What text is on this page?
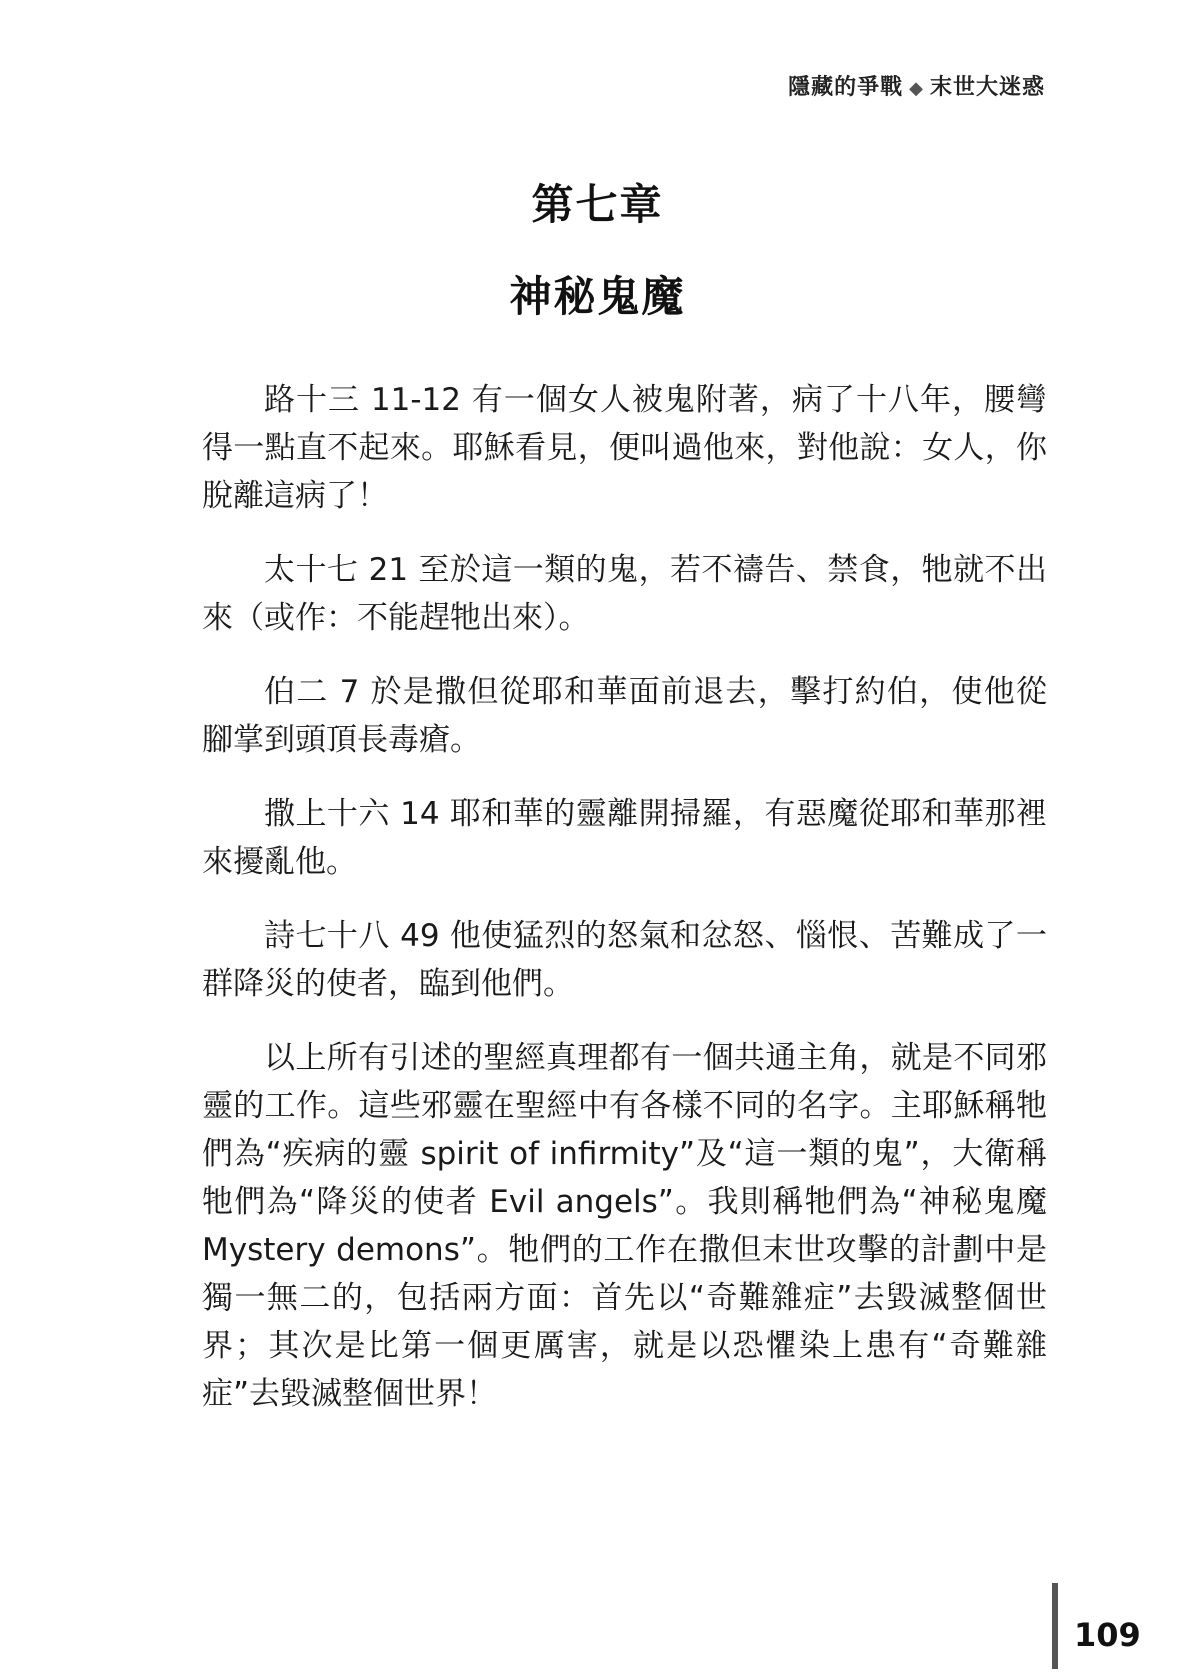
隱藏的爭戰 ◆ 末世大迷惑
第七章
神秘鬼魔

路十三 11-12 有一個女人被鬼附著，病了十八年，腰彎得一點直不起來。耶穌看見，便叫過他來，對他說：女人，你脫離這病了！

太十七 21 至於這一類的鬼，若不禱告、禁食，牠就不出來（或作：不能趕牠出來）。

伯二 7 於是撒但從耶和華面前退去，擊打約伯，使他從腳掌到頭頂長毒瘡。

撒上十六 14 耶和華的靈離開掃羅，有惡魔從耶和華那裡來擾亂他。

詩七十八 49 他使猛烈的怒氣和忿怒、惱恨、苦難成了一群降災的使者，臨到他們。

以上所有引述的聖經真理都有一個共通主角，就是不同邪靈的工作。這些邪靈在聖經中有各樣不同的名字。主耶穌稱牠們為“疾病的靈 spirit of infirmity”及“這一類的鬼”，大衛稱牠們為“降災的使者 Evil angels”。我則稱牠們為“神秘鬼魔 Mystery demons”。牠們的工作在撒但末世攻擊的計劃中是獨一無二的，包括兩方面：首先以“奇難雜症”去毀滅整個世界；其次是比第一個更厲害，就是以恐懼染上患有“奇難雜症”去毀滅整個世界！

109
